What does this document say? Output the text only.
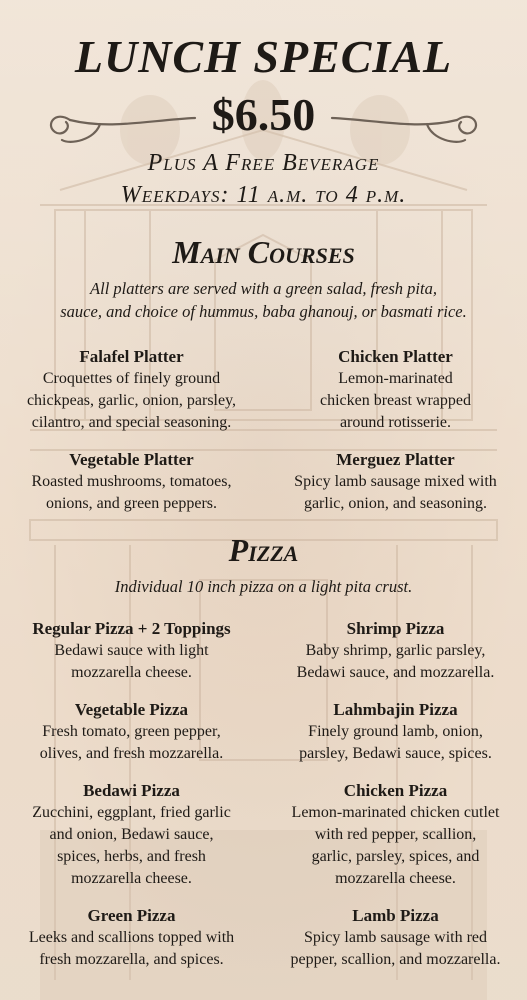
LUNCH SPECIAL
$6.50
Plus A Free Beverage
Weekdays: 11 a.m. to 4 p.m.
Main Courses
All platters are served with a green salad, fresh pita,
sauce, and choice of hummus, baba ghanouj, or basmati rice.
Falafel Platter
Croquettes of finely ground
chickpeas, garlic, onion, parsley,
cilantro, and special seasoning.
Chicken Platter
Lemon-marinated
chicken breast wrapped
around rotisserie.
Vegetable Platter
Roasted mushrooms, tomatoes,
onions, and green peppers.
Merguez Platter
Spicy lamb sausage mixed with
garlic, onion, and seasoning.
Pizza
Individual 10 inch pizza on a light pita crust.
Regular Pizza + 2 Toppings
Bedawi sauce with light
mozzarella cheese.
Shrimp Pizza
Baby shrimp, garlic parsley,
Bedawi sauce, and mozzarella.
Vegetable Pizza
Fresh tomato, green pepper,
olives, and fresh mozzarella.
Lahmbajin Pizza
Finely ground lamb, onion,
parsley, Bedawi sauce, spices.
Bedawi Pizza
Zucchini, eggplant, fried garlic
and onion, Bedawi sauce,
spices, herbs, and fresh
mozzarella cheese.
Chicken Pizza
Lemon-marinated chicken cutlet
with red pepper, scallion,
garlic, parsley, spices, and
mozzarella cheese.
Green Pizza
Leeks and scallions topped with
fresh mozzarella, and spices.
Lamb Pizza
Spicy lamb sausage with red
pepper, scallion, and mozzarella.
